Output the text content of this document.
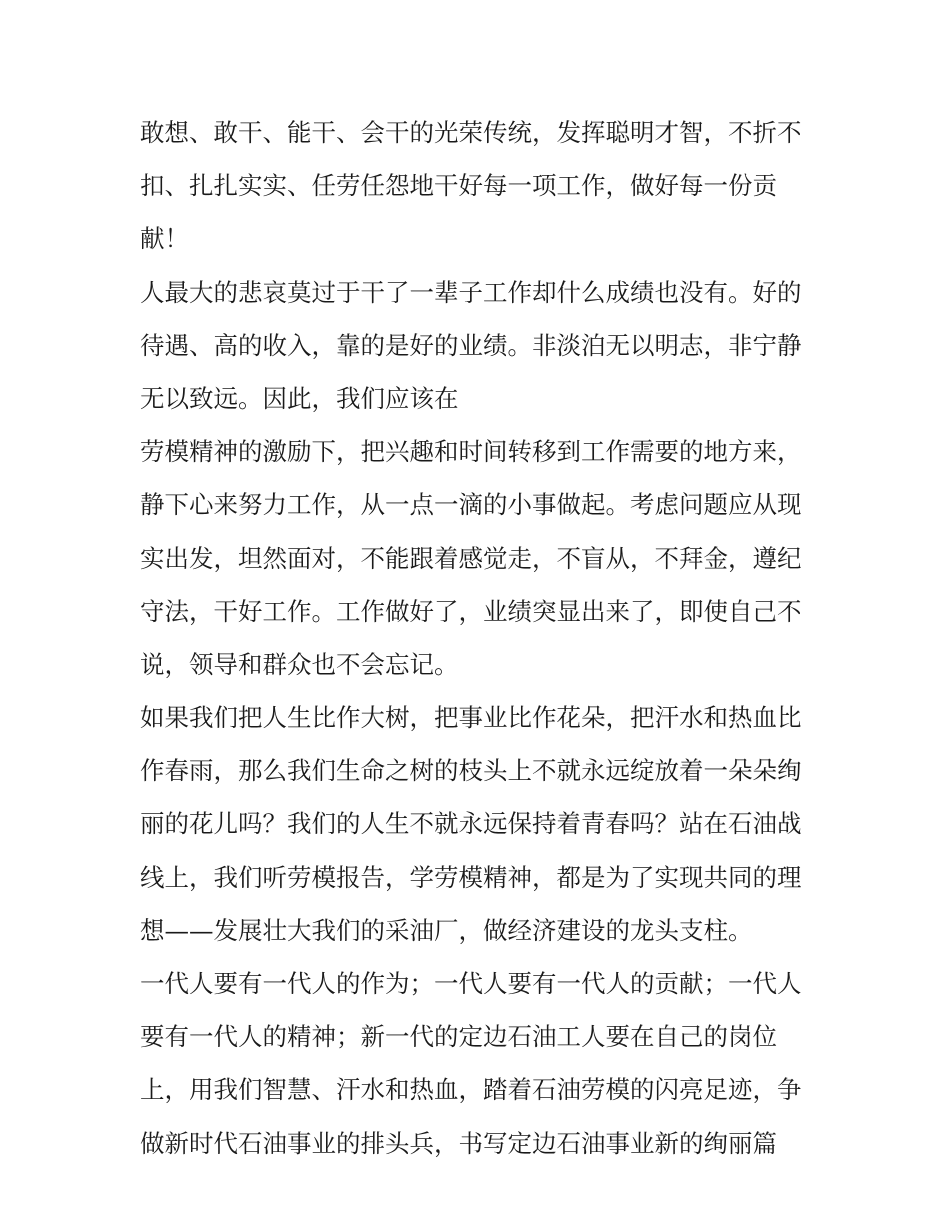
敢想、敢干、能干、会干的光荣传统，发挥聪明才智，不折不
扣、扎扎实实、任劳任怨地干好每一项工作，做好每一份贡
献！
人最大的悲哀莫过于干了一辈子工作却什么成绩也没有。好的
待遇、高的收入，靠的是好的业绩。非淡泊无以明志，非宁静
无以致远。因此，我们应该在
劳模精神的激励下，把兴趣和时间转移到工作需要的地方来，
静下心来努力工作，从一点一滴的小事做起。考虑问题应从现
实出发，坦然面对，不能跟着感觉走，不盲从，不拜金，遵纪
守法，干好工作。工作做好了，业绩突显出来了，即使自己不
说，领导和群众也不会忘记。
如果我们把人生比作大树，把事业比作花朵，把汗水和热血比
作春雨，那么我们生命之树的枝头上不就永远绽放着一朵朵绚
丽的花儿吗？我们的人生不就永远保持着青春吗？站在石油战
线上，我们听劳模报告，学劳模精神，都是为了实现共同的理
想——发展壮大我们的采油厂，做经济建设的龙头支柱。
一代人要有一代人的作为；一代人要有一代人的贡献；一代人
要有一代人的精神；新一代的定边石油工人要在自己的岗位
上，用我们智慧、汗水和热血，踏着石油劳模的闪亮足迹，争
做新时代石油事业的排头兵，书写定边石油事业新的绚丽篇
